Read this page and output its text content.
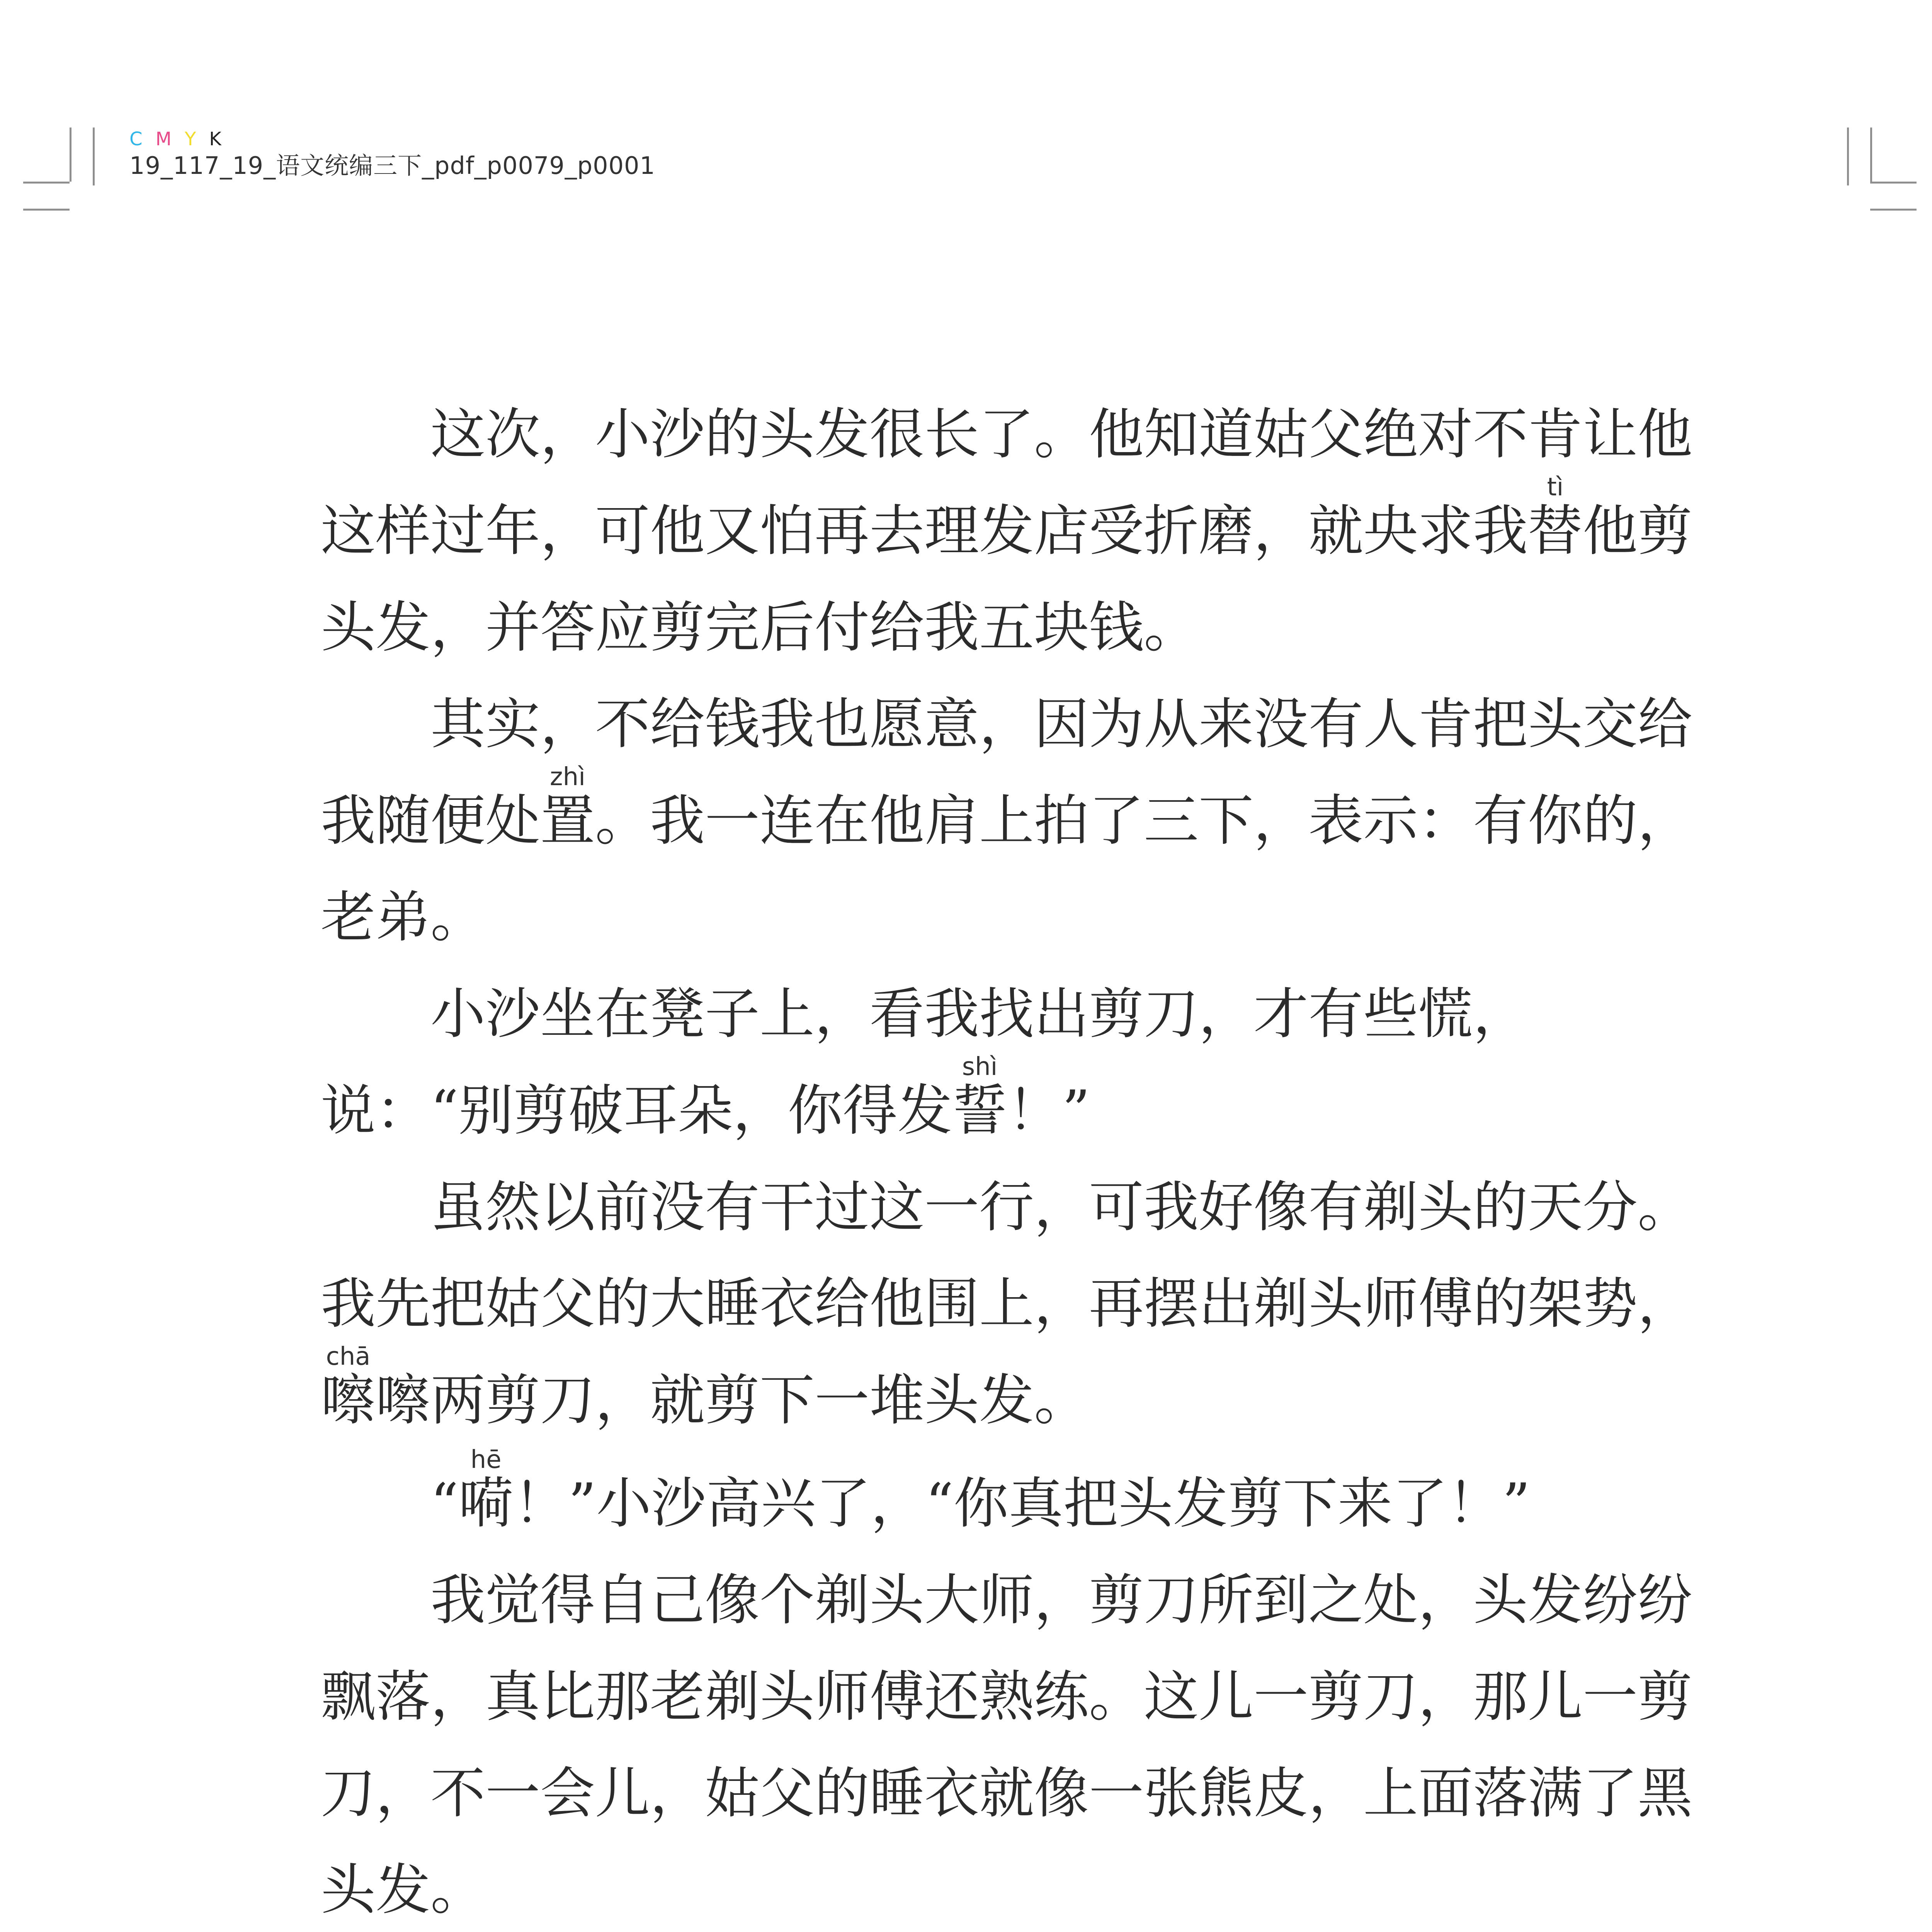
CMYK
19_117_19_语文统编三下_pdf_p0079_p0001

这次，小沙的头发很长了。他知道姑父绝对不肯让他这样过年，可他又怕再去理发店受折磨，就央求我替tì他剪头发，并答应剪完后付给我五块钱。

其实，不给钱我也愿意，因为从来没有人肯把头交给我随便处置zhì。我一连在他肩上拍了三下，表示：有你的，老弟。

小沙坐在凳子上，看我找出剪刀，才有些慌，说：“别剪破耳朵，你得发誓shì！”

虽然以前没有干过这一行，可我好像有剃头的天分。我先把姑父的大睡衣给他围上，再摆出剃头师傅的架势，嚓chā嚓两剪刀，就剪下一堆头发。

“嗬hē！”小沙高兴了，“你真把头发剪下来了！”

我觉得自己像个剃头大师，剪刀所到之处，头发纷纷飘落，真比那老剃头师傅还熟练。这儿一剪刀，那儿一剪刀，不一会儿，姑父的睡衣就像一张熊皮，上面落满了黑头发。
